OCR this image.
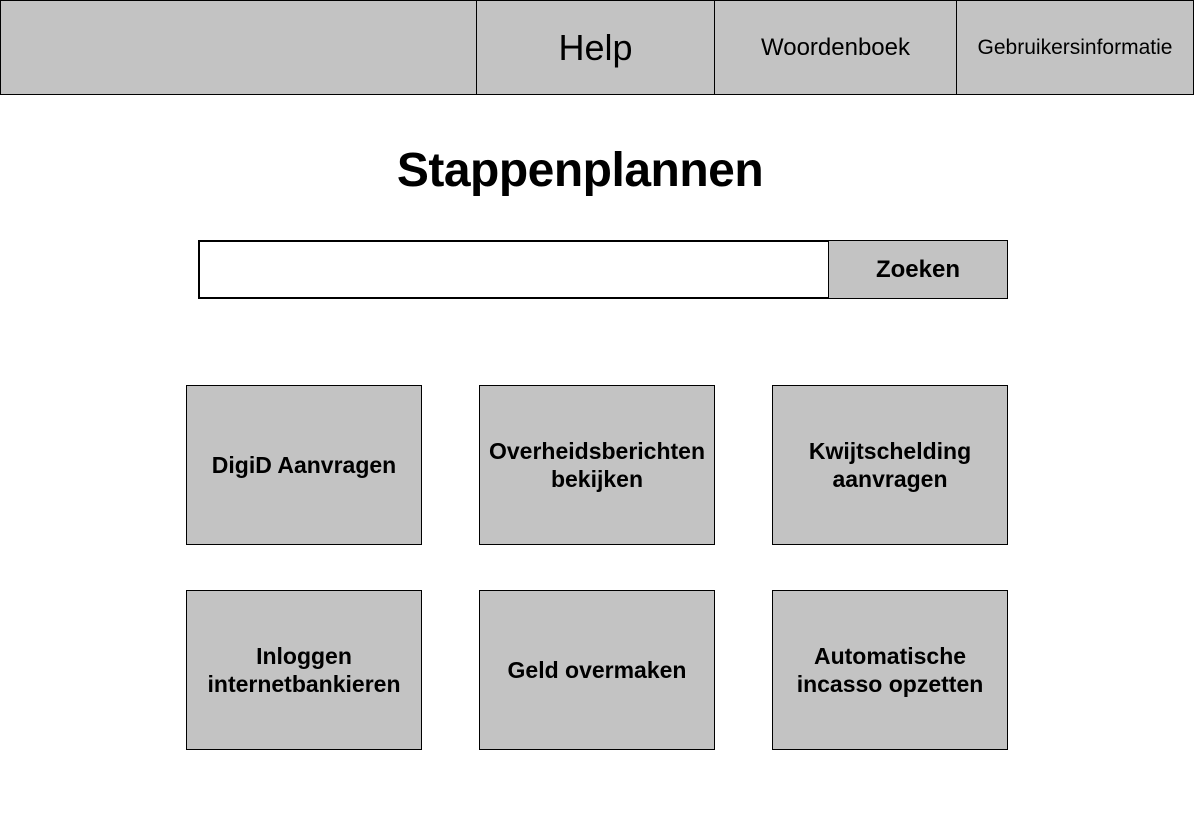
Help	Woordenboek	Gebruikersinformatie
Stappenplannen
Zoeken
DigiD Aanvragen
Overheidsberichten bekijken
Kwijtschelding aanvragen
Inloggen internetbankieren
Geld overmaken
Automatische incasso opzetten
